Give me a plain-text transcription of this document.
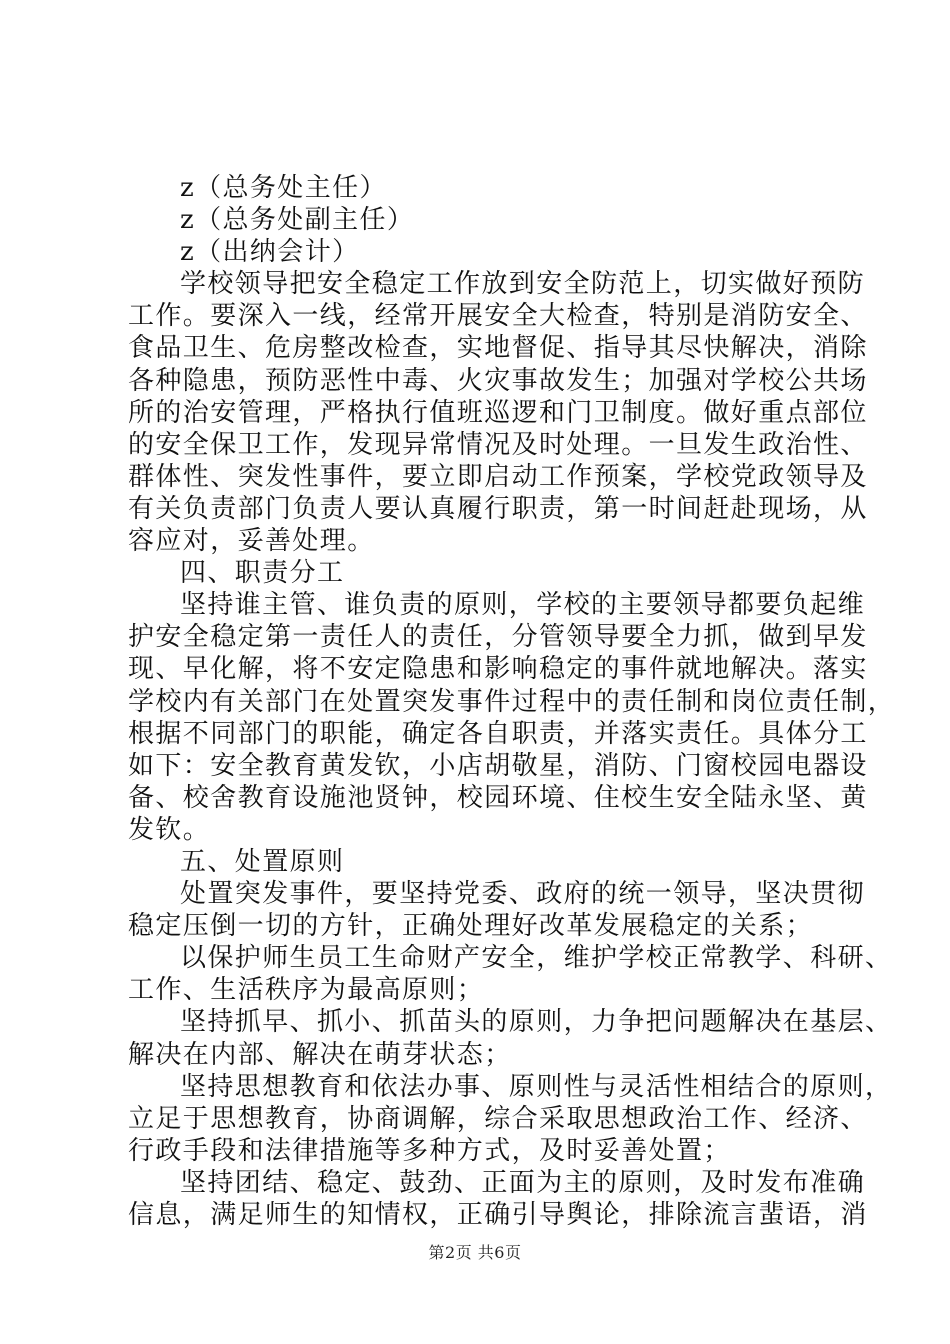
z（总务处主任）
z（总务处副主任）
z（出纳会计）
学校领导把安全稳定工作放到安全防范上，切实做好预防
工作。要深入一线，经常开展安全大检查，特别是消防安全、
食品卫生、危房整改检查，实地督促、指导其尽快解决，消除
各种隐患，预防恶性中毒、火灾事故发生；加强对学校公共场
所的治安管理，严格执行值班巡逻和门卫制度。做好重点部位
的安全保卫工作，发现异常情况及时处理。一旦发生政治性、
群体性、突发性事件，要立即启动工作预案，学校党政领导及
有关负责部门负责人要认真履行职责，第一时间赶赴现场，从
容应对，妥善处理。
四、职责分工
坚持谁主管、谁负责的原则，学校的主要领导都要负起维
护安全稳定第一责任人的责任，分管领导要全力抓，做到早发
现、早化解，将不安定隐患和影响稳定的事件就地解决。落实
学校内有关部门在处置突发事件过程中的责任制和岗位责任制，
根据不同部门的职能，确定各自职责，并落实责任。具体分工
如下：安全教育黄发钦，小店胡敬星，消防、门窗校园电器设
备、校舍教育设施池贤钟，校园环境、住校生安全陆永坚、黄
发钦。
五、处置原则
处置突发事件，要坚持党委、政府的统一领导，坚决贯彻
稳定压倒一切的方针，正确处理好改革发展稳定的关系；
以保护师生员工生命财产安全，维护学校正常教学、科研、
工作、生活秩序为最高原则；
坚持抓早、抓小、抓苗头的原则，力争把问题解决在基层、
解决在内部、解决在萌芽状态；
坚持思想教育和依法办事、原则性与灵活性相结合的原则，
立足于思想教育，协商调解，综合采取思想政治工作、经济、
行政手段和法律措施等多种方式，及时妥善处置；
坚持团结、稳定、鼓劲、正面为主的原则，及时发布准确
信息，满足师生的知情权，正确引导舆论，排除流言蜚语，消
第2页 共6页
